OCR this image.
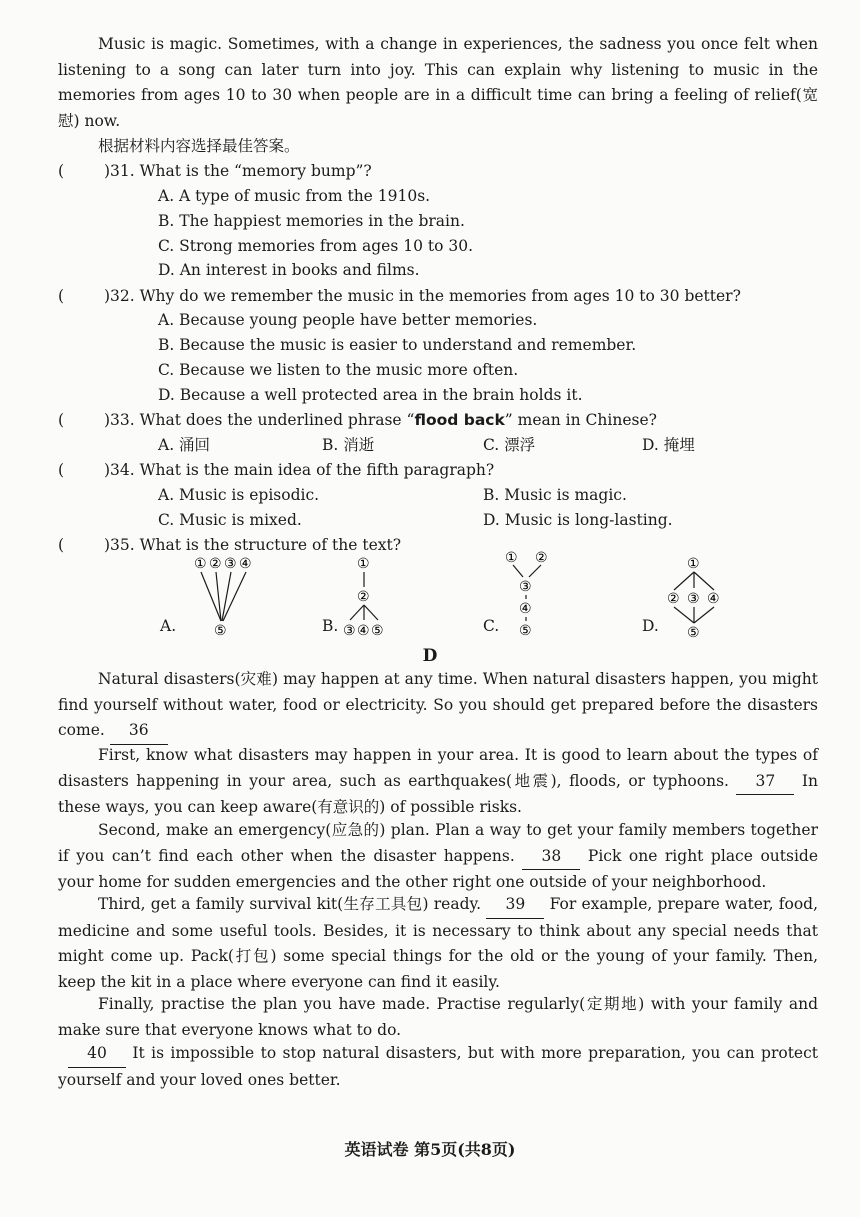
Music is magic. Sometimes, with a change in experiences, the sadness you once felt when listening to a song can later turn into joy. This can explain why listening to music in the memories from ages 10 to 30 when people are in a difficult time can bring a feeling of relief(宽慰) now.
根据材料内容选择最佳答案。
(	) 31. What is the “memory bump”?
A. A type of music from the 1910s.
B. The happiest memories in the brain.
C. Strong memories from ages 10 to 30.
D. An interest in books and films.
(	) 32. Why do we remember the music in the memories from ages 10 to 30 better?
A. Because young people have better memories.
B. Because the music is easier to understand and remember.
C. Because we listen to the music more often.
D. Because a well protected area in the brain holds it.
(	) 33. What does the underlined phrase “flood back” mean in Chinese?
A. 涌回	B. 消逝	C. 漂浮	D. 掩埋
(	) 34. What is the main idea of the fifth paragraph?
A. Music is episodic.	B. Music is magic.
C. Music is mixed.	D. Music is long-lasting.
(	) 35. What is the structure of the text?
A.
① ② ③ ④
⑤	B.
①
②
③ ④ ⑤	C.
① ②
③
④
⑤	D.
①
② ③ ④
⑤
D
Natural disasters(灾难) may happen at any time. When natural disasters happen, you might find yourself without water, food or electricity. So you should get prepared before the disasters come. 36
First, know what disasters may happen in your area. It is good to learn about the types of disasters happening in your area, such as earthquakes(地震), floods, or typhoons. 37 In these ways, you can keep aware(有意识的) of possible risks.
Second, make an emergency(应急的) plan. Plan a way to get your family members together if you can’t find each other when the disaster happens. 38 Pick one right place outside your home for sudden emergencies and the other right one outside of your neighborhood.
Third, get a family survival kit(生存工具包) ready. 39 For example, prepare water, food, medicine and some useful tools. Besides, it is necessary to think about any special needs that might come up. Pack(打包) some special things for the old or the young of your family. Then, keep the kit in a place where everyone can find it easily.
Finally, practise the plan you have made. Practise regularly(定期地) with your family and make sure that everyone knows what to do.
40 It is impossible to stop natural disasters, but with more preparation, you can protect yourself and your loved ones better.
英语试卷 第5页(共8页)
